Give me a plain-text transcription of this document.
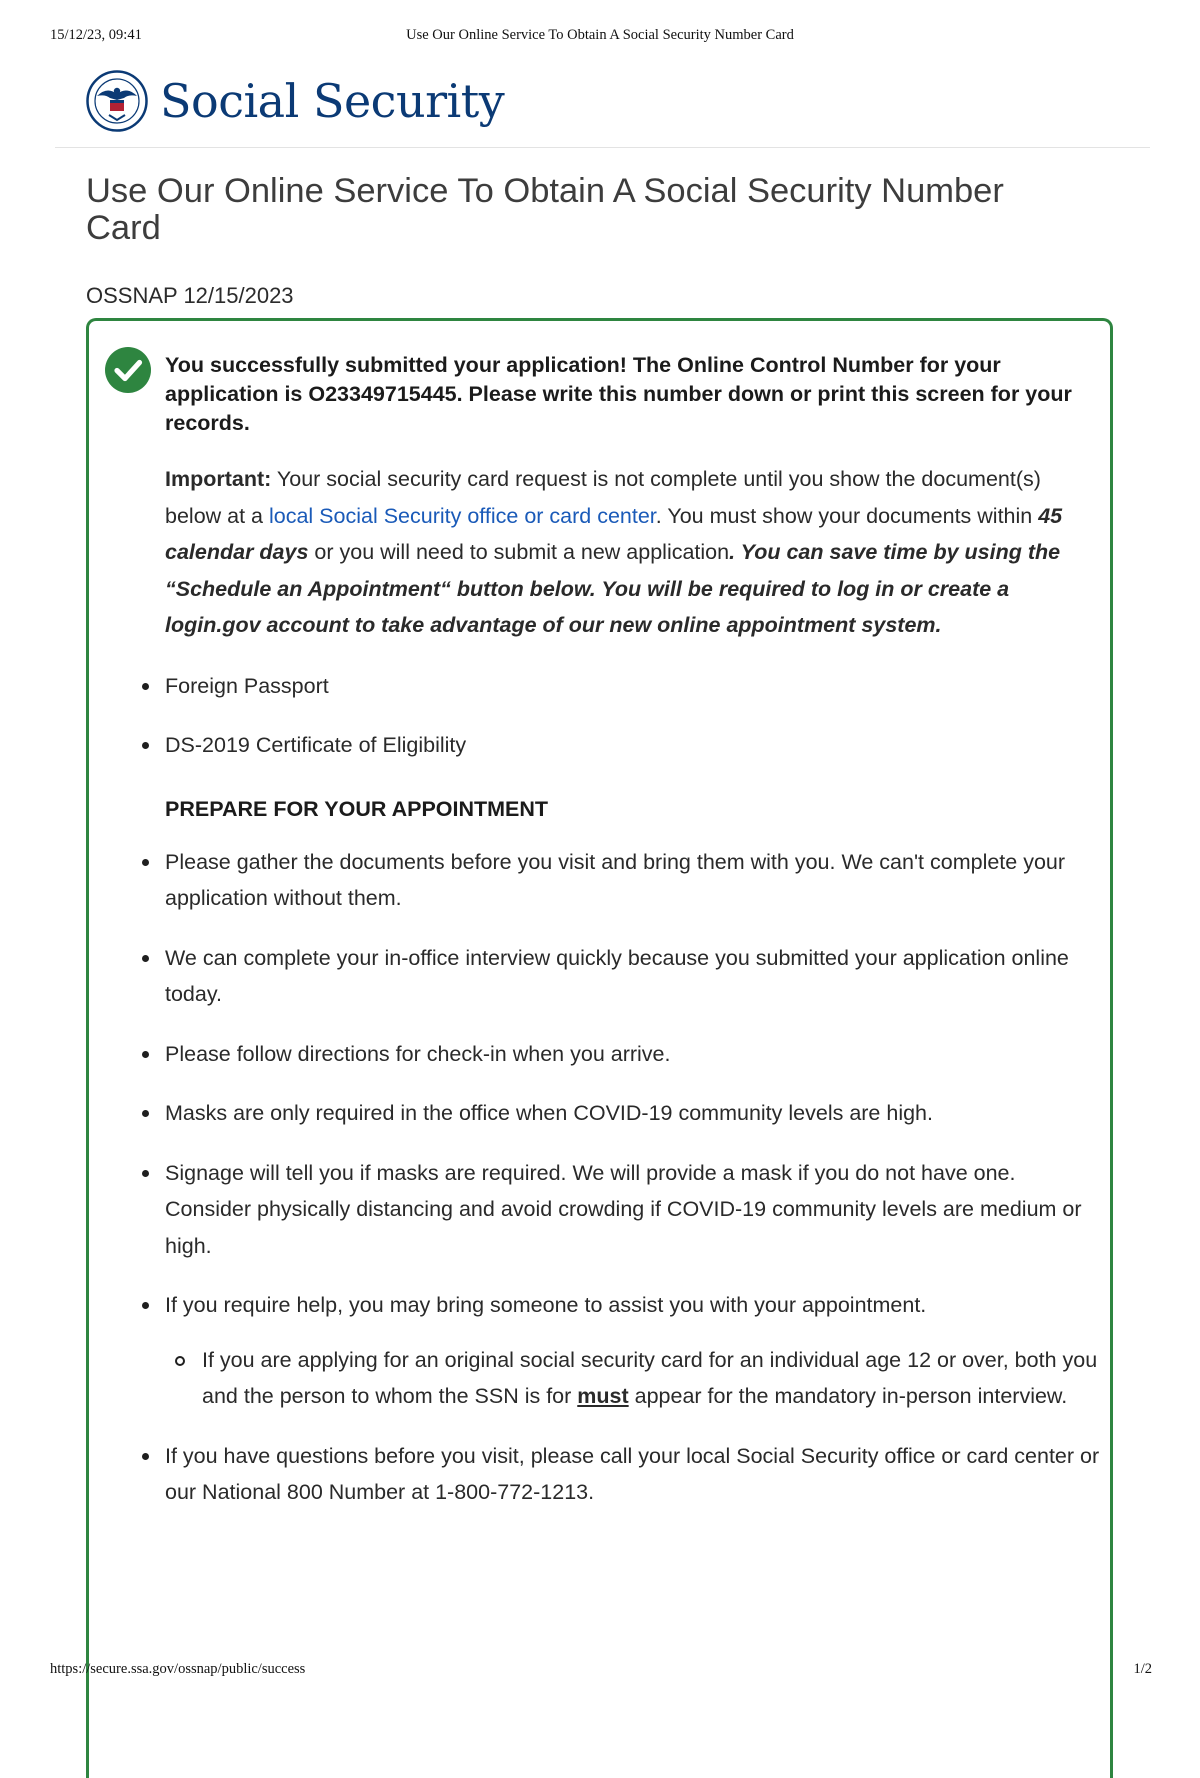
15/12/23, 09:41	Use Our Online Service To Obtain A Social Security Number Card
Social Security
Use Our Online Service To Obtain A Social Security Number Card
OSSNAP 12/15/2023

You successfully submitted your application! The Online Control Number for your application is O23349715445. Please write this number down or print this screen for your records.

Important: Your social security card request is not complete until you show the document(s) below at a local Social Security office or card center. You must show your documents within 45 calendar days or you will need to submit a new application. You can save time by using the “Schedule an Appointment“ button below. You will be required to log in or create a login.gov account to take advantage of our new online appointment system.

Foreign Passport
DS-2019 Certificate of Eligibility

PREPARE FOR YOUR APPOINTMENT

Please gather the documents before you visit and bring them with you. We can't complete your application without them.
We can complete your in-office interview quickly because you submitted your application online today.
Please follow directions for check-in when you arrive.
Masks are only required in the office when COVID-19 community levels are high.
Signage will tell you if masks are required. We will provide a mask if you do not have one. Consider physically distancing and avoid crowding if COVID-19 community levels are medium or high.
If you require help, you may bring someone to assist you with your appointment.
If you are applying for an original social security card for an individual age 12 or over, both you and the person to whom the SSN is for must appear for the mandatory in-person interview.
If you have questions before you visit, please call your local Social Security office or card center or our National 800 Number at 1-800-772-1213.
https://secure.ssa.gov/ossnap/public/success	1/2
